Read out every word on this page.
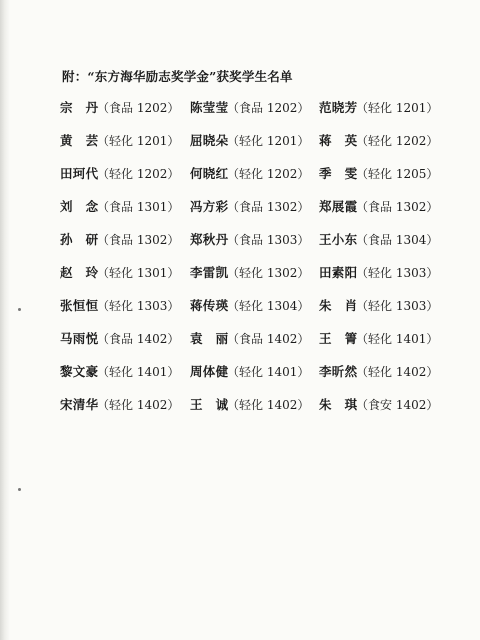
附：“东方海华励志奖学金”获奖学生名单
宗　丹（食品 1202） 陈莹莹（食品 1202） 范晓芳（轻化 1201）
黄　芸（轻化 1201） 屈晓朵（轻化 1201） 蒋　英（轻化 1202）
田珂代（轻化 1202） 何晓红（轻化 1202） 季　雯（轻化 1205）
刘　念（食品 1301） 冯方彩（食品 1302） 郑展霞（食品 1302）
孙　研（食品 1302） 郑秋丹（食品 1303） 王小东（食品 1304）
赵　玲（轻化 1301） 李雷凯（轻化 1302） 田素阳（轻化 1303）
张恒恒（轻化 1303） 蒋传瑛（轻化 1304） 朱　肖（轻化 1303）
马雨悦（食品 1402） 袁　丽（食品 1402） 王　箐（轻化 1401）
黎文豪（轻化 1401） 周体健（轻化 1401） 李昕然（轻化 1402）
宋清华（轻化 1402） 王　诚（轻化 1402） 朱　琪（食安 1402）
